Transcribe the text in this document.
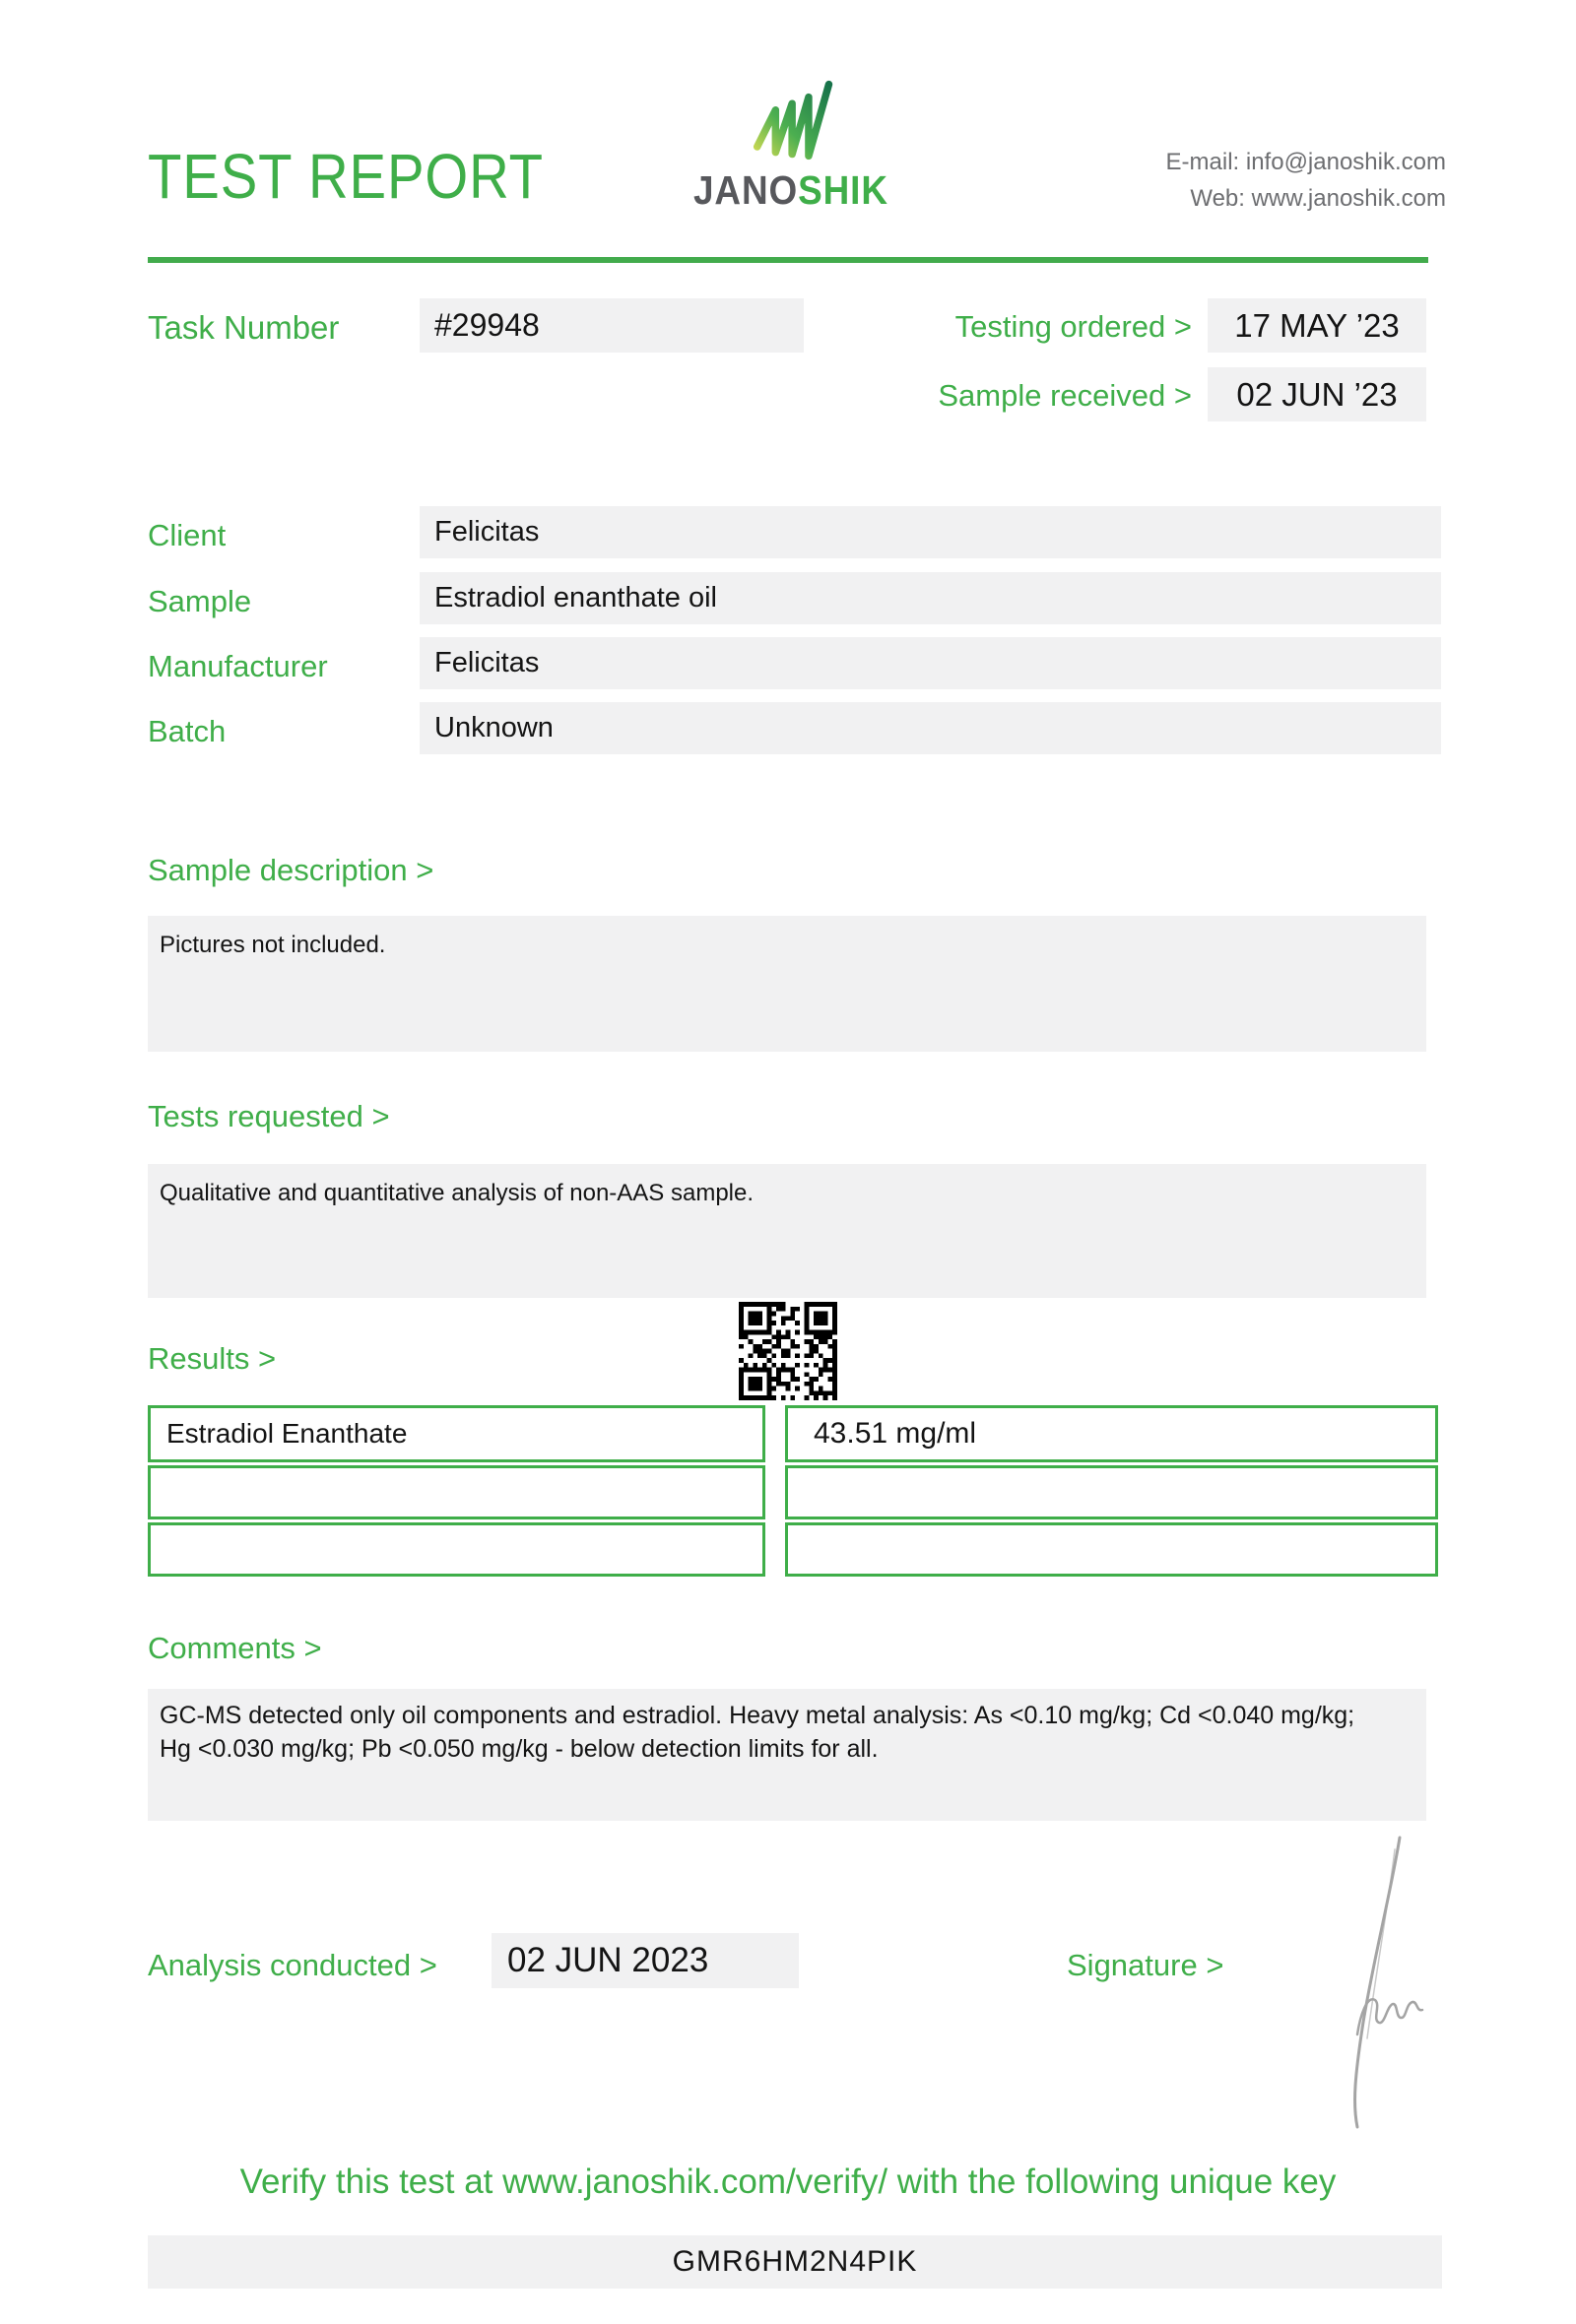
TEST REPORT	JANOSHIK
E-mail: info@janoshik.com
Web: www.janoshik.com
Task Number	#29948	Testing ordered >	17 MAY ’23
Sample received >	02 JUN ’23
Client	Felicitas
Sample	Estradiol enanthate oil
Manufacturer	Felicitas
Batch	Unknown
Sample description >
Pictures not included.
Tests requested >
Qualitative and quantitative analysis of non-AAS sample.
Results >
Estradiol Enanthate	43.51 mg/ml
Comments >
GC-MS detected only oil components and estradiol. Heavy metal analysis: As <0.10 mg/kg; Cd <0.040 mg/kg; Hg <0.030 mg/kg; Pb <0.050 mg/kg - below detection limits for all.
Analysis conducted >	02 JUN 2023	Signature >
Verify this test at www.janoshik.com/verify/ with the following unique key
GMR6HM2N4PIK
